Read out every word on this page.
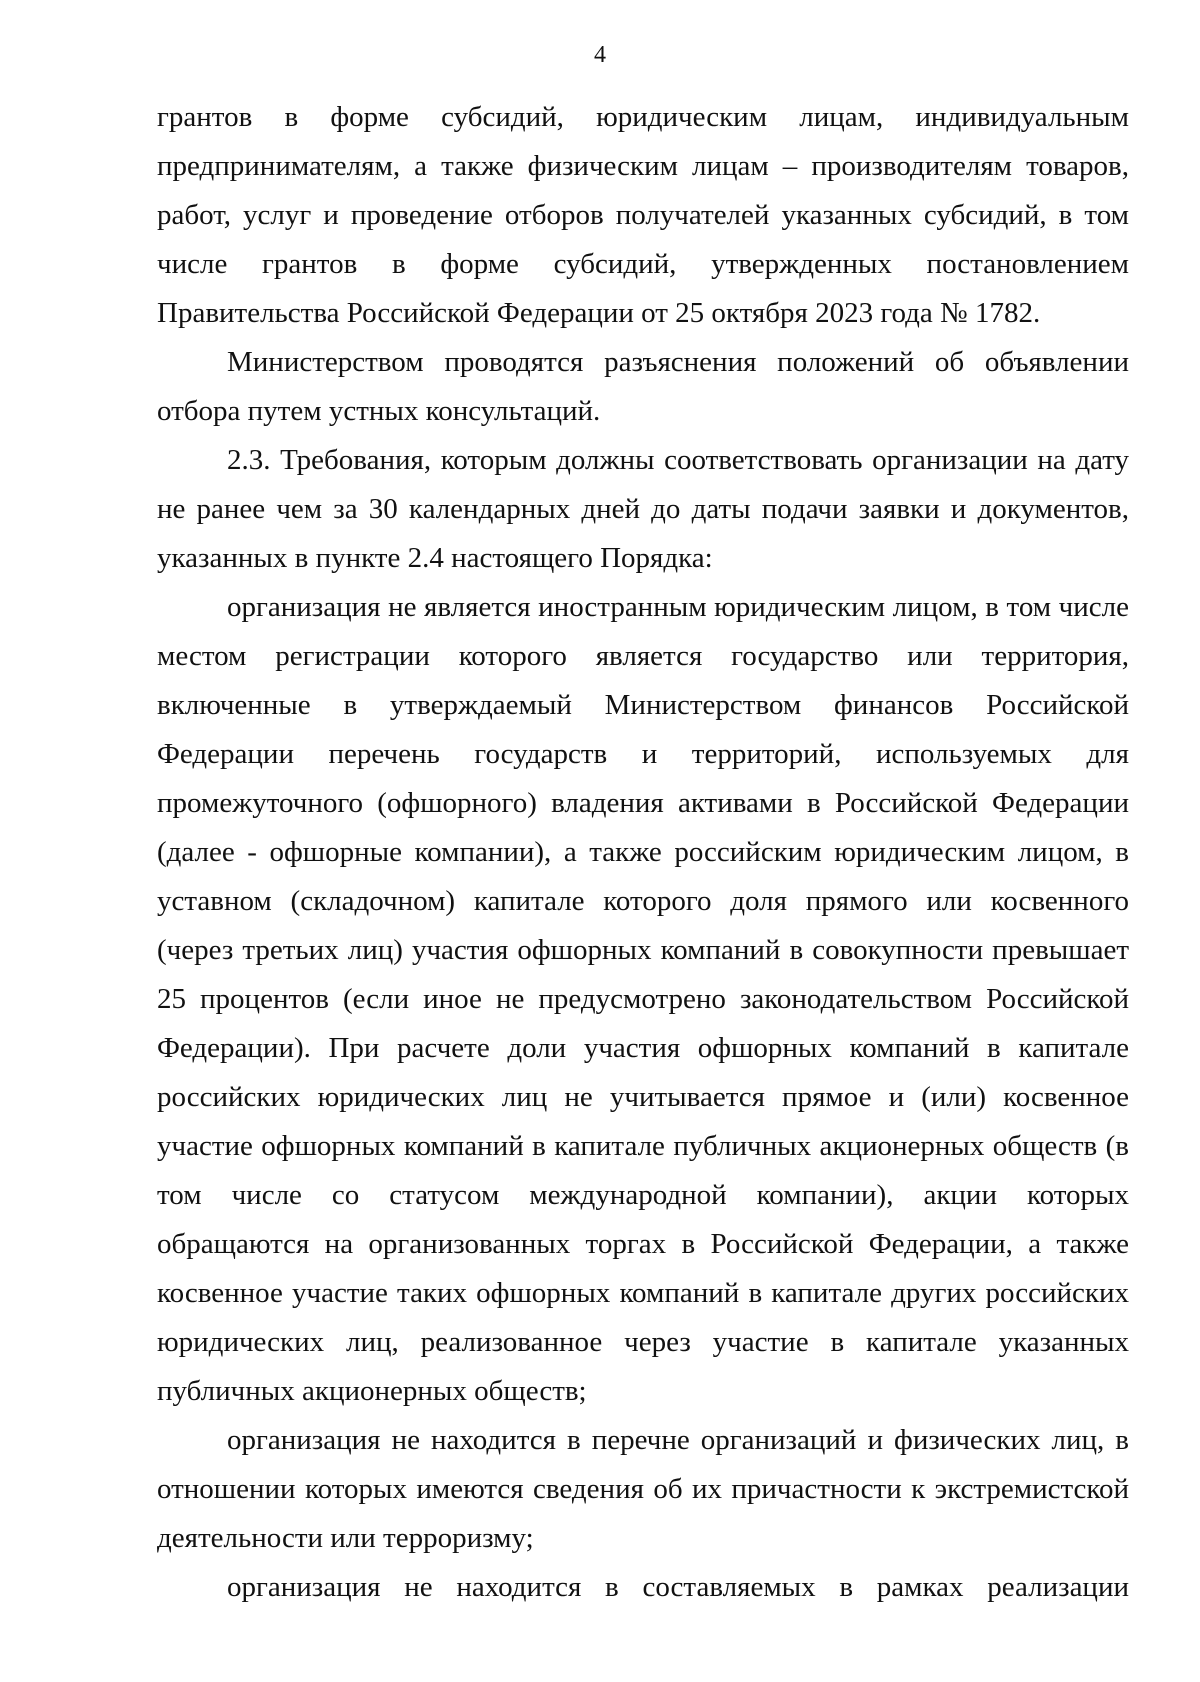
4

грантов в форме субсидий, юридическим лицам, индивидуальным предпринимателям, а также физическим лицам – производителям товаров, работ, услуг и проведение отборов получателей указанных субсидий, в том числе грантов в форме субсидий, утвержденных постановлением Правительства Российской Федерации от 25 октября 2023 года № 1782.

Министерством проводятся разъяснения положений об объявлении отбора путем устных консультаций.

2.3. Требования, которым должны соответствовать организации на дату не ранее чем за 30 календарных дней до даты подачи заявки и документов, указанных в пункте 2.4 настоящего Порядка:

организация не является иностранным юридическим лицом, в том числе местом регистрации которого является государство или территория, включенные в утверждаемый Министерством финансов Российской Федерации перечень государств и территорий, используемых для промежуточного (офшорного) владения активами в Российской Федерации (далее - офшорные компании), а также российским юридическим лицом, в уставном (складочном) капитале которого доля прямого или косвенного (через третьих лиц) участия офшорных компаний в совокупности превышает 25 процентов (если иное не предусмотрено законодательством Российской Федерации). При расчете доли участия офшорных компаний в капитале российских юридических лиц не учитывается прямое и (или) косвенное участие офшорных компаний в капитале публичных акционерных обществ (в том числе со статусом международной компании), акции которых обращаются на организованных торгах в Российской Федерации, а также косвенное участие таких офшорных компаний в капитале других российских юридических лиц, реализованное через участие в капитале указанных публичных акционерных обществ;

организация не находится в перечне организаций и физических лиц, в отношении которых имеются сведения об их причастности к экстремистской деятельности или терроризму;

организация не находится в составляемых в рамках реализации
